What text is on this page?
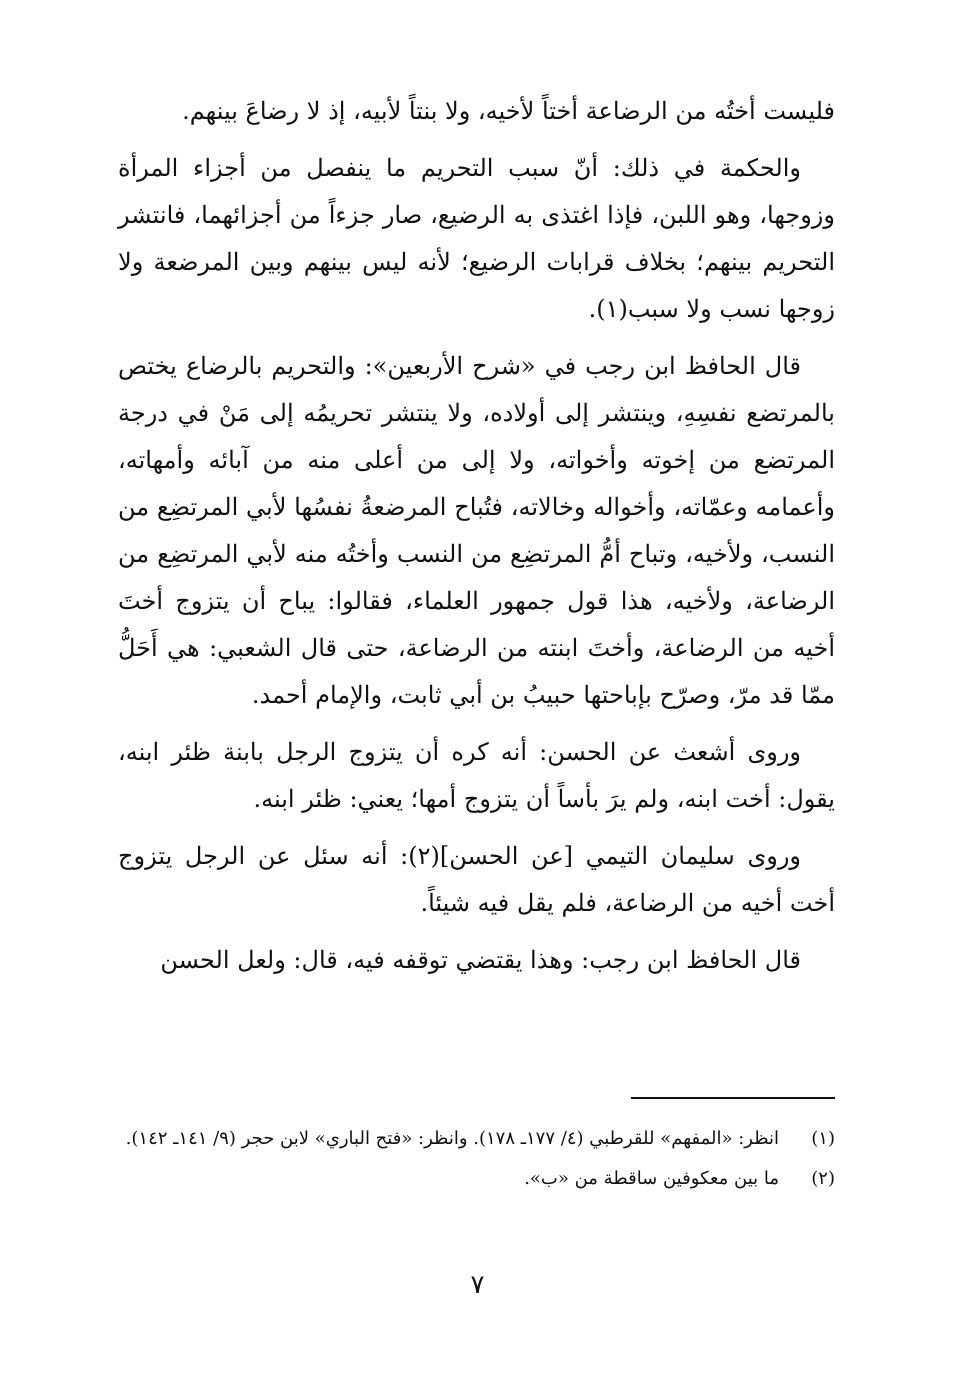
فليست أختُه من الرضاعة أختاً لأخيه، ولا بنتاً لأبيه، إذ لا رضاعَ بينهم.

والحكمة في ذلك: أنّ سبب التحريم ما ينفصل من أجزاء المرأة وزوجها، وهو اللبن، فإذا اغتذى به الرضيع، صار جزءاً من أجزائهما، فانتشر التحريم بينهم؛ بخلاف قرابات الرضيع؛ لأنه ليس بينهم وبين المرضعة ولا زوجها نسب ولا سبب(١).

قال الحافظ ابن رجب في «شرح الأربعين»: والتحريم بالرضاع يختص بالمرتضع نفسِهِ، وينتشر إلى أولاده، ولا ينتشر تحريمُه إلى مَنْ في درجة المرتضع من إخوته وأخواته، ولا إلى من أعلى منه من آبائه وأمهاته، وأعمامه وعمّاته، وأخواله وخالاته، فتُباح المرضعةُ نفسُها لأبي المرتضِع من النسب، ولأخيه، وتباح أمُّ المرتضِع من النسب وأختُه منه لأبي المرتضِع من الرضاعة، ولأخيه، هذا قول جمهور العلماء، فقالوا: يباح أن يتزوج أختَ أخيه من الرضاعة، وأختَ ابنته من الرضاعة، حتى قال الشعبي: هي أَحَلُّ ممّا قد مرّ، وصرّح بإباحتها حبيبُ بن أبي ثابت، والإمام أحمد.

وروى أشعث عن الحسن: أنه كره أن يتزوج الرجل بابنة ظئر ابنه، يقول: أخت ابنه، ولم يرَ بأساً أن يتزوج أمها؛ يعني: ظئر ابنه.

وروى سليمان التيمي [عن الحسن](٢): أنه سئل عن الرجل يتزوج أخت أخيه من الرضاعة، فلم يقل فيه شيئاً.

قال الحافظ ابن رجب: وهذا يقتضي توقفه فيه، قال: ولعل الحسن

(١)
انظر: «المفهم» للقرطبي (٤/ ١٧٧ـ ١٧٨). وانظر: «فتح الباري» لابن حجر (٩/ ١٤١ـ ١٤٢).
(٢)
ما بين معكوفين ساقطة من «ب».
٧
